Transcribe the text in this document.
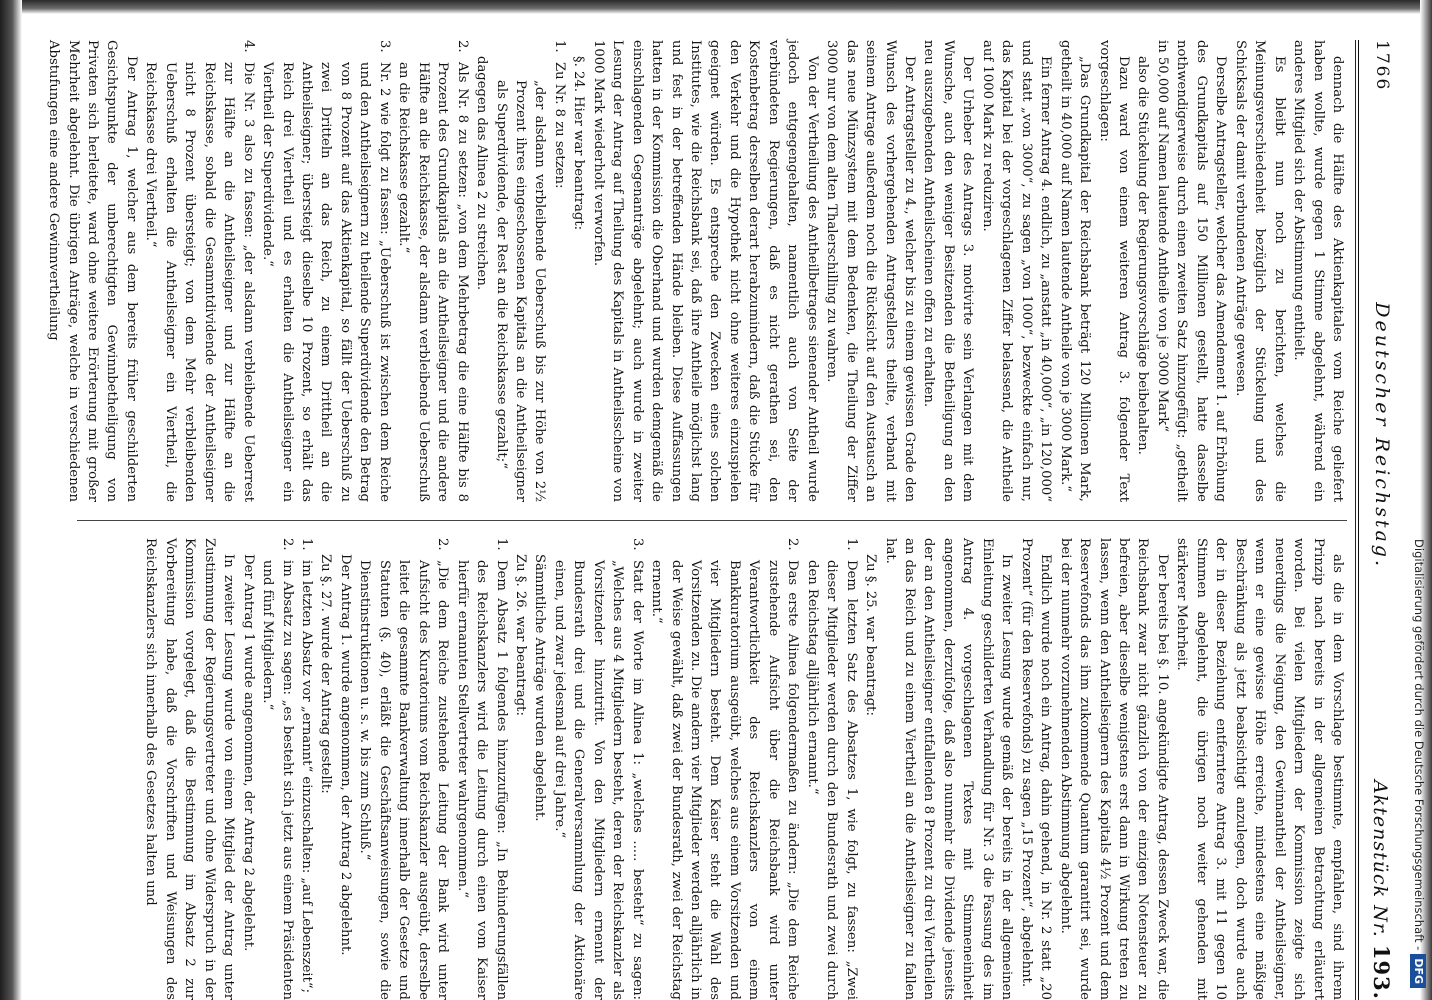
1766
Deutscher Reichstag.
Aktenstück Nr. 193.

dennach die Hälfte des Aktienkapitales vom Reiche geliefert haben wollte, wurde gegen 1 Stimme abgelehnt, während ein anderes Mitglied sich der Abstimmung enthielt.

Es bleibt nun noch zu berichten, welches die Meinungsverschiedenheit bezüglich der Stückelung und des Schicksals der damit verbundenen Anträge gewesen.

Derselbe Antragsteller, welcher das Amendement 1. auf Erhöhung des Grundkapitals auf 150 Millionen gestellt, hatte dasselbe nothwendigerweise durch einen zweiten Satz hinzugefügt: „getheilt in 50,000 auf Namen lautende Antheile von je 3000 Mark“

also die Stückelung der Regierungsvorschläge beibehalten.

Dazu ward von einem weiteren Antrag 3. folgender Text vorgeschlagen:

„Das Grundkapital der Reichsbank beträgt 120 Millionen Mark, getheilt in 40,000 auf Namen lautende Antheile von je 3000 Mark.“

Ein ferner Antrag 4. endlich, zu „anstatt „in 40,000“, „in 120,000“ und statt „von 3000“, zu sagen „von 1000“, bezweckte einfach nur, das Kapital bei der vorgeschlagenen Ziffer belassend, die Antheile auf 1000 Mark zu reduziren.

Der Urheber des Antrags 3. motivirte sein Verlangen mit dem Wunsche, auch den weniger Besitzenden die Betheiligung an den neu auszugebenden Antheilscheinen offen zu erhalten.

Der Antragsteller zu 4., welcher bis zu einem gewissen Grade den Wunsch des vorhergehenden Antragstellers theilte, verband mit seinem Antrage außerdem noch die Rücksicht auf den Austausch an das neue Münzsystem mit dem Bedenken, die Theilung der Ziffer 3000 nur von dem alten Thalerschilling zu wahren.

Von der Vertheilung des Antheilbetrages sienender Antheil wurde jedoch entgegengehalten, namentlich auch von Seite der verbündeten Regierungen, daß es nicht gerathen sei, den Kostenbetrag derselben derart herabzumindern, daß die Stücke für den Verkehr und die Hypothek nicht ohne weiteres einzuspielen geeignet würden. Es entspreche den Zwecken eines solchen Institutes, wie die Reichsbank sei, daß ihre Antheile möglichst lang und fest in der betreffenden Hände bleiben. Diese Auffassungen hatten in der Kommission die Oberhand und wurden demgemäß die einschlagenden Gegenanträge abgelehnt; auch wurde in zweiter Lesung der Antrag auf Theilung des Kapitals in Antheilsscheine von 1000 Mark wiederholt verworfen.

§. 24. Hier war beantragt:

1.Zu Nr. 8 zu setzen:

„der alsdann verbleibende Ueberschuß bis zur Höhe von 2½ Prozent ihres eingeschossenen Kapitals an die Antheilseigner als Superdividende, der Rest an die Reichskasse gezahlt;“

dagegen das Alinea 2 zu streichen.

2.Als Nr. 8 zu setzen: „von dem Mehrbetrag die eine Hälfte bis 8 Prozent des Grundkapitals an die Antheilseigner und die andere Hälfte an die Reichskasse, der alsdann verbleibende Ueberschuß an die Reichskasse gezahlt.“

3.Nr. 2 wie folgt zu fassen: „Ueberschuß ist zwischen dem Reiche und den Antheilseignern zu theilende Superdividende den Betrag von 8 Prozent auf das Aktienkapital, so fällt der Ueberschuß zu zwei Dritteln an das Reich, zu einem Drittheil an die Antheilseigner; übersteigt dieselbe 10 Prozent, so erhält das Reich drei Viertheil und es erhalten die Antheilseigner ein Viertheil der Superdividende.“

4.Die Nr. 3 also zu fassen: „der alsdann verbleibende Ueberrest zur Hälfte an die Antheilseigner und zur Hälfte an die Reichskasse, sobald die Gesammtdividende der Antheilseigner nicht 8 Prozent übersteigt; von dem Mehr verbleibenden Ueberschuß erhalten die Antheilseigner ein Viertheil, die Reichskasse drei Viertheil.“

Der Antrag 1, welcher aus dem bereits früher geschilderten Gesichtspunkte der unberechtigten Gewinnbetheiligung von Privaten sich herleitete, ward ohne weitere Erörterung mit großer Mehrheit abgelehnt. Die übrigen Anträge, welche in verschiedenen Abstufungen eine andere Gewinnvertheilung

als die in dem Vorschlage bestimmte, empfahlen, sind ihrem Prinzip nach bereits in der allgemeinen Betrachtung erläutert worden. Bei vielen Mitgliedern der Kommission zeigte sich neuerdings die Neigung, den Gewinnantheil der Antheilseigner, wenn er eine gewisse Höhe erreiche, mindestens eine mäßige Beschränkung als jetzt beabsichtigt anzulegen, doch wurde auch der in dieser Beziehung entferntere Antrag 3. mit 11 gegen 10 Stimmen abgelehnt, die übrigen noch weiter gehenden mit stärkerer Mehrheit.

Der bereits bei §. 10. angekündigte Antrag, dessen Zweck war, die Reichsbank zwar nicht gänzlich von der einzigen Notensteuer zu befreien, aber dieselbe wenigstens erst dann in Wirkung treten zu lassen, wenn den Antheilseignern des Kapitals 4½ Prozent und dem Reservefonds das ihm zukommende Quantum garantirt sei, wurde bei der nunmehr vorzunehmenden Abstimmung abgelehnt.

Endlich wurde noch ein Antrag, dahin gehend, in Nr. 2 statt „20 Prozent“ (für den Reservefonds) zu sagen „15 Prozent“, abgelehnt.

In zweiter Lesung wurde gemäß der bereits in der allgemeinen Einleitung geschilderten Verhandlung für Nr. 3 die Fassung des im Antrag 4. vorgeschlagenen Textes mit Stimmeneinheit angenommen, derzufolge, daß also nunmehr die Dividende jenseits der an den Antheilseigner entfallenden 8 Prozent zu drei Viertheilen an das Reich und zu einem Viertheil an die Antheilseigner zu fallen hat.

Zu §. 25. war beantragt:

1.Dem letzten Satz des Absatzes 1, wie folgt, zu fassen: „Zwei dieser Mitglieder werden durch den Bundesrath und zwei durch den Reichstag alljährlich ernannt.“

2.Das erste Alinea folgendermaßen zu ändern: „Die dem Reiche zustehende Aufsicht über die Reichsbank wird unter Verantwortlichkeit des Reichskanzlers von einem Bankkuratorium ausgeübt, welches aus einem Vorsitzenden und vier Mitgliedern besteht. Dem Kaiser steht die Wahl des Vorsitzenden zu. Die andern vier Mitglieder werden alljährlich in der Weise gewählt, daß zwei der Bundesrath, zwei der Reichstag ernennt.“

3.Statt der Worte im Alinea 1: „welches ..... besteht“ zu sagen: „Welches aus 4 Mitgliedern besteht, deren der Reichskanzler als Vorsitzender hinzutritt. Von den Mitgliedern ernennt der Bundesrath drei und die Generalversammlung der Aktionäre einen, und zwar jedesmal auf drei Jahre.“

Sämmtliche Anträge wurden abgelehnt.

Zu §. 26. war beantragt:

1.Dem Absatz 1 folgendes hinzuzufügen: „In Behinderungsfällen des Reichskanzlers wird die Leitung durch einen vom Kaiser hierfür ernannten Stellvertreter wahrgenommen.“

2.„Die dem Reiche zustehende Leitung der Bank wird unter Aufsicht des Kuratoriums vom Reichskanzler ausgeübt, derselbe leitet die gesammte Bankverwaltung innerhalb der Gesetze und Statuten (§. 40), erläßt die Geschäftsanweisungen, sowie die Dienstinstruktionen u. s. w. bis zum Schluß.“

Der Antrag 1. wurde angenommen, der Antrag 2 abgelehnt.

Zu §. 27. wurde der Antrag gestellt:

1.im letzten Absatz vor „ernannt“ einzuschalten: „auf Lebenszeit“;

2.im Absatz zu sagen: „es besteht sich jetzt aus einem Präsidenten und fünf Mitgliedern.“

Der Antrag 1 wurde angenommen, der Antrag 2 abgelehnt.

In zweiter Lesung wurde von einem Mitglied der Antrag unter Zustimmung der Regierungsvertreter und ohne Widerspruch in der Kommission vorgelegt, daß die Bestimmung im Absatz 2 zur Vorbereitung habe, daß die Vorschriften und Weisungen des Reichskanzlers sich innerhalb des Gesetzes halten und	Digitalisierung gefördert durch die Deutsche Forschungsgemeinschaft -DFG
